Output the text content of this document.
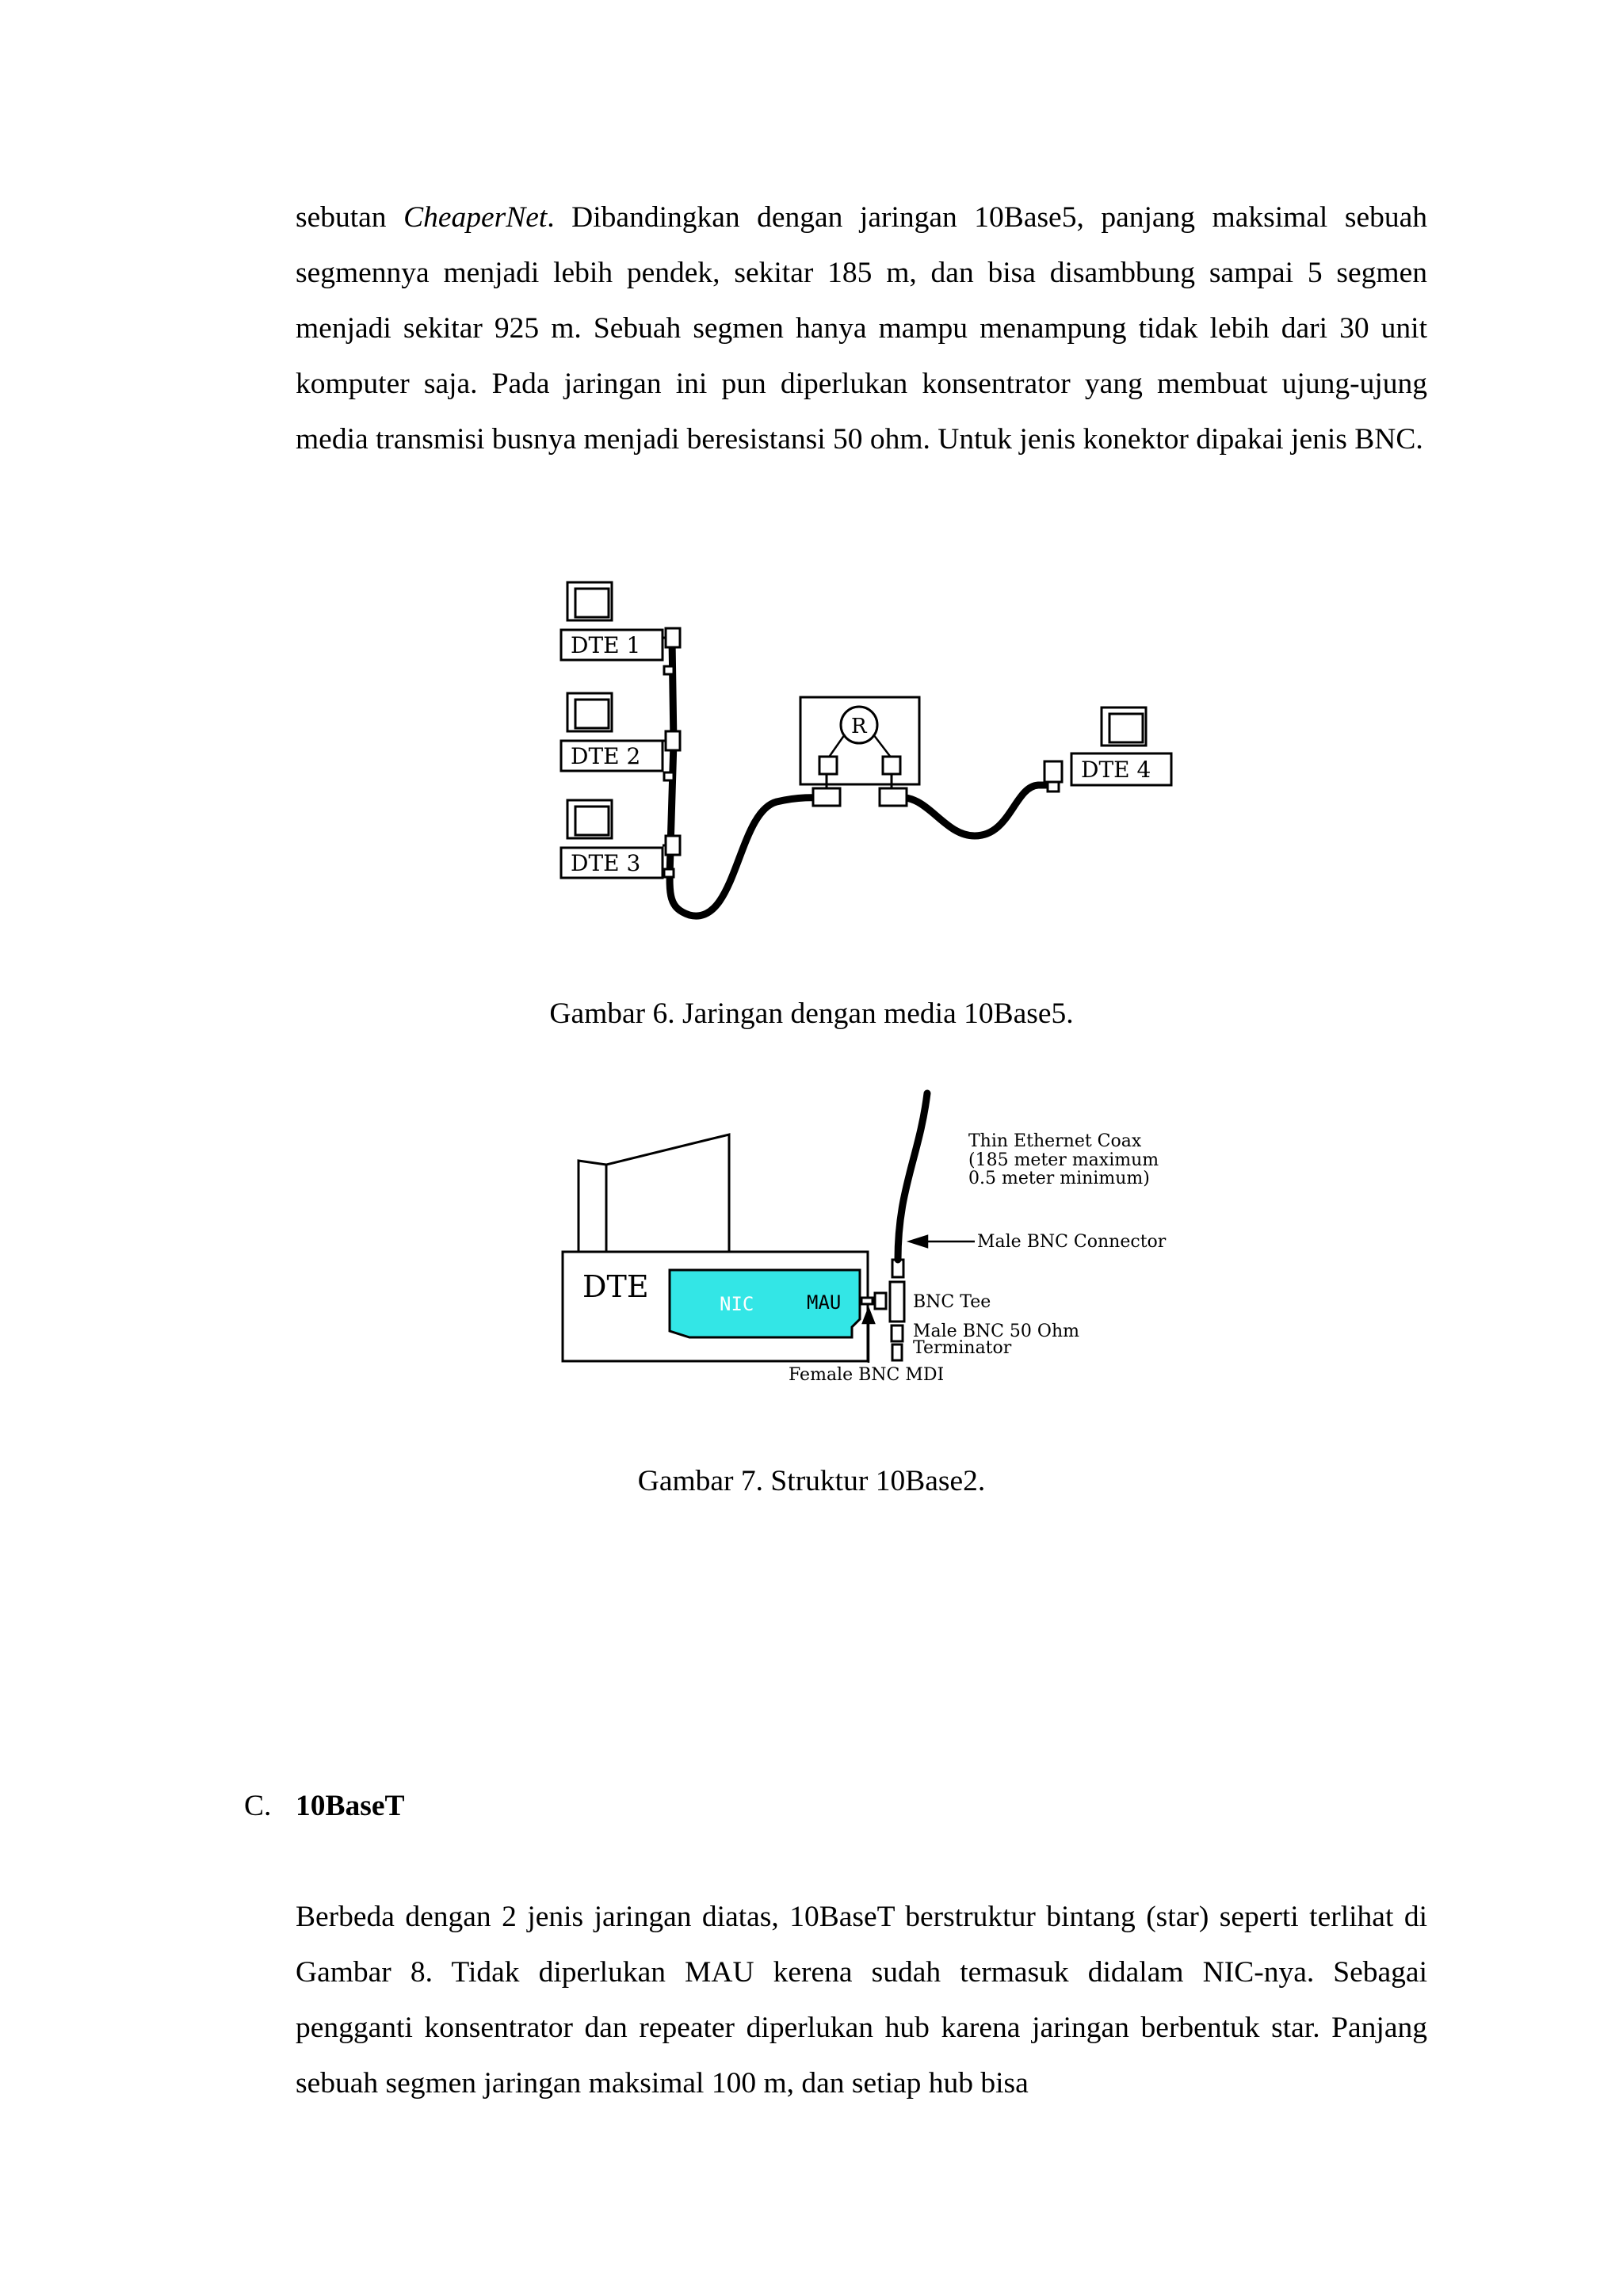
sebutan CheaperNet. Dibandingkan dengan jaringan 10Base5, panjang maksimal sebuah segmennya menjadi lebih pendek, sekitar 185 m, dan bisa disambbung sampai 5 segmen menjadi sekitar 925 m. Sebuah segmen hanya mampu menampung tidak lebih dari 30 unit komputer saja. Pada jaringan ini pun diperlukan konsentrator yang membuat ujung-ujung media transmisi busnya menjadi beresistansi 50 ohm. Untuk jenis konektor dipakai jenis BNC.

DTE 1
DTE 2
DTE 3
R
DTE 4
Gambar 6. Jaringan dengan media 10Base5.
DTE	NIC	MAU
Thin Ethernet Coax
(185 meter maximum
0.5 meter minimum)
Male BNC Connector
BNC Tee
Male BNC 50 Ohm
Terminator
Female BNC MDI
Gambar 7. Struktur 10Base2.
C. 10BaseT

Berbeda dengan 2 jenis jaringan diatas, 10BaseT berstruktur bintang (star) seperti terlihat di Gambar 8. Tidak diperlukan MAU kerena sudah termasuk didalam NIC-nya. Sebagai pengganti konsentrator dan repeater diperlukan hub karena jaringan berbentuk star. Panjang sebuah segmen jaringan maksimal 100 m, dan setiap hub bisa
